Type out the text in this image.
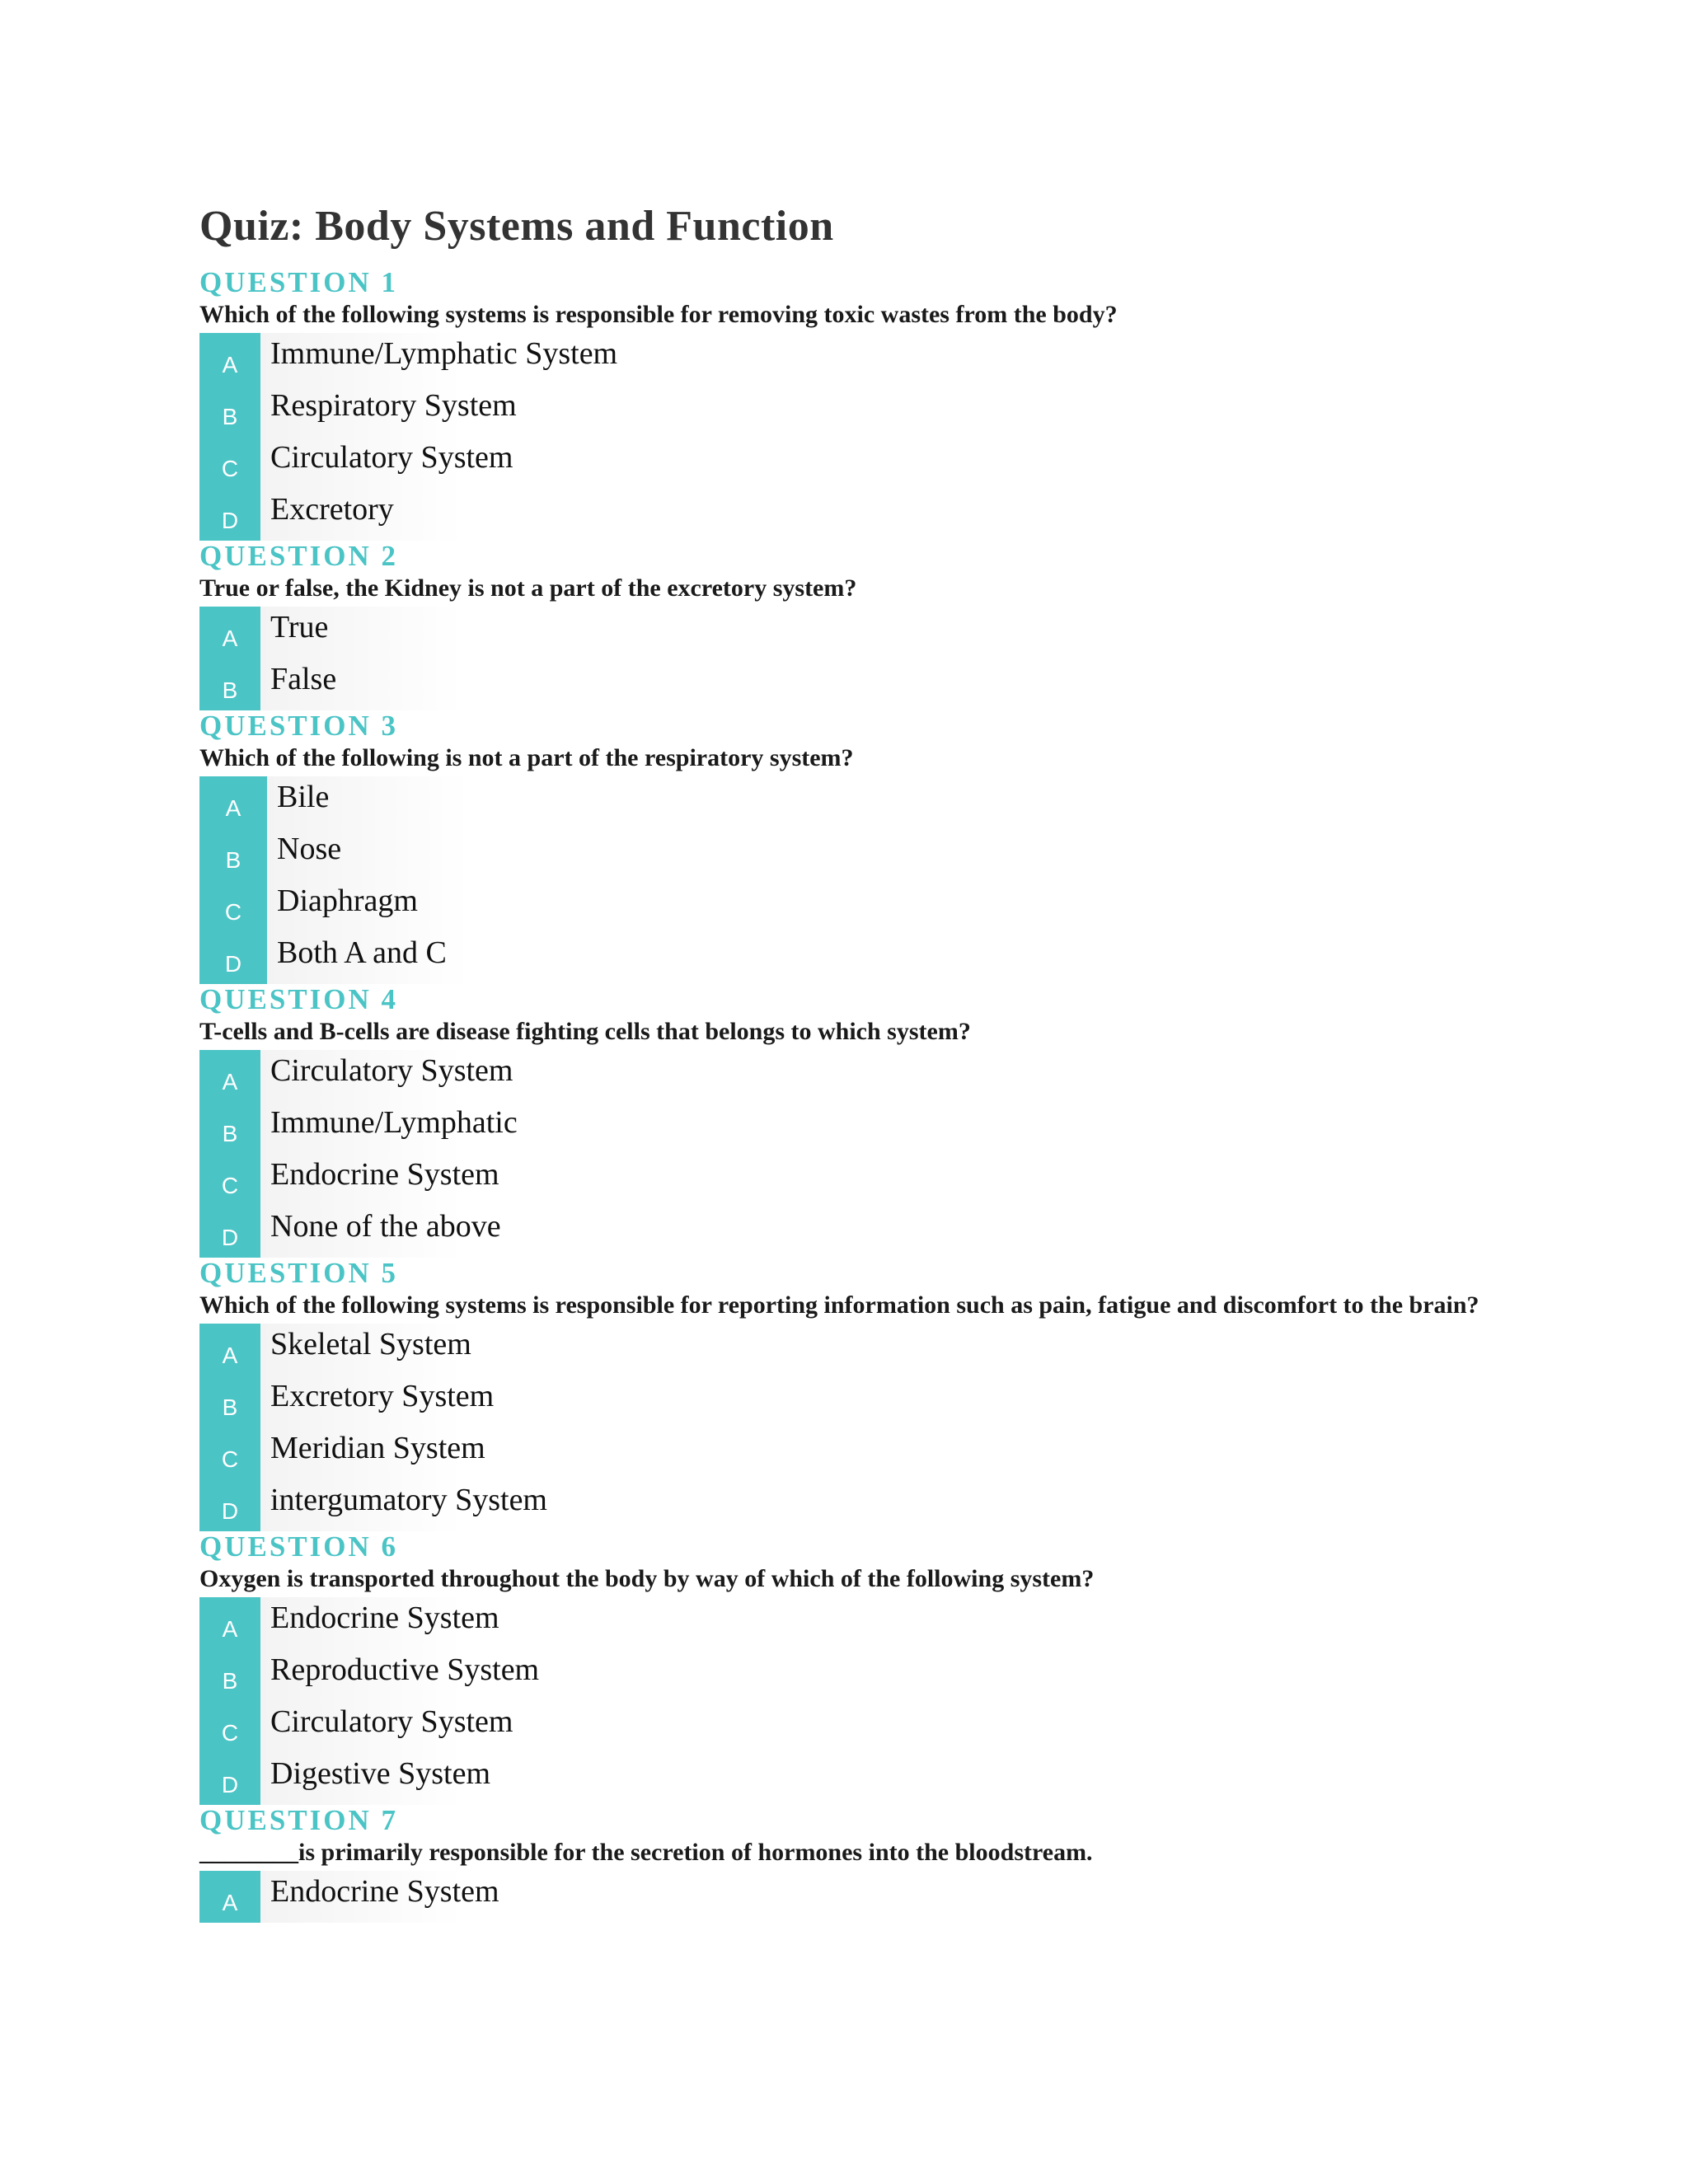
Quiz: Body Systems and Function
QUESTION 1
Which of the following systems is responsible for removing toxic wastes from the body?
A	Immune/Lymphatic System
B	Respiratory System
C	Circulatory System
D	Excretory
QUESTION 2
True or false, the Kidney is not a part of the excretory system?
A	True
B	False
QUESTION 3
Which of the following is not a part of the respiratory system?
A	Bile
B	Nose
C	Diaphragm
D	Both A and C
QUESTION 4
T-cells and B-cells are disease fighting cells that belongs to which system?
A	Circulatory System
B	Immune/Lymphatic
C	Endocrine System
D	None of the above
QUESTION 5
Which of the following systems is responsible for reporting information such as pain, fatigue and discomfort to the brain?
A	Skeletal System
B	Excretory System
C	Meridian System
D	intergumatory System
QUESTION 6
Oxygen is transported throughout the body by way of which of the following system?
A	Endocrine System
B	Reproductive System
C	Circulatory System
D	Digestive System
QUESTION 7
________is primarily responsible for the secretion of hormones into the bloodstream.
A	Endocrine System
